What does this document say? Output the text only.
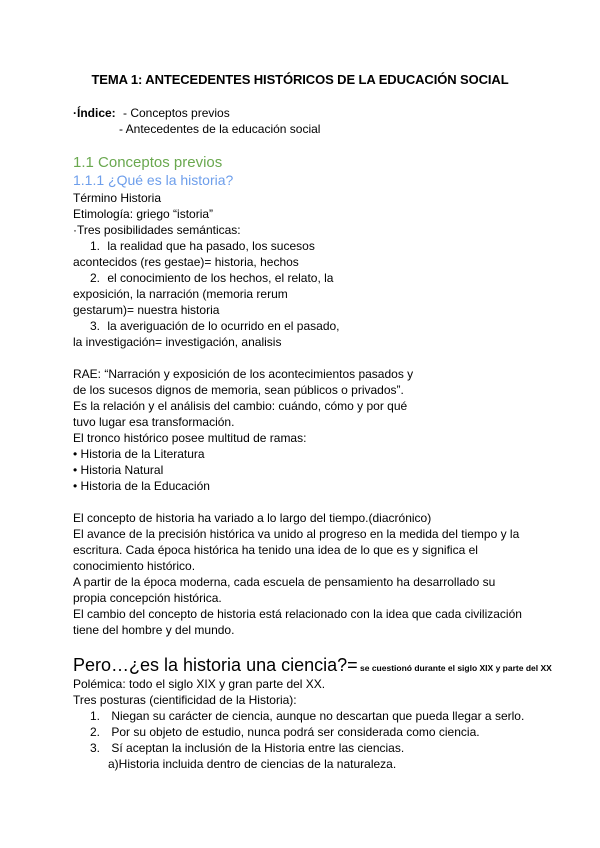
TEMA 1: ANTECEDENTES HISTÓRICOS DE LA EDUCACIÓN SOCIAL
·Índice: - Conceptos previos
- Antecedentes de la educación social
1.1 Conceptos previos
1.1.1 ¿Qué es la historia?
Término Historia
Etimología: griego “istoria”
·Tres posibilidades semánticas:
1. la realidad que ha pasado, los sucesos
acontecidos (res gestae)= historia, hechos
2. el conocimiento de los hechos, el relato, la
exposición, la narración (memoria rerum
gestarum)= nuestra historia
3. la averiguación de lo ocurrido en el pasado,
la investigación= investigación, analisis
RAE: “Narración y exposición de los acontecimientos pasados y
de los sucesos dignos de memoria, sean públicos o privados”.
Es la relación y el análisis del cambio: cuándo, cómo y por qué
tuvo lugar esa transformación.
El tronco histórico posee multitud de ramas:
• Historia de la Literatura
• Historia Natural
• Historia de la Educación
El concepto de historia ha variado a lo largo del tiempo.(diacrónico)
El avance de la precisión histórica va unido al progreso en la medida del tiempo y la
escritura. Cada época histórica ha tenido una idea de lo que es y significa el
conocimiento histórico.
A partir de la época moderna, cada escuela de pensamiento ha desarrollado su
propia concepción histórica.
El cambio del concepto de historia está relacionado con la idea que cada civilización
tiene del hombre y del mundo.
Pero…¿es la historia una ciencia?= se cuestionó durante el siglo XIX y parte del XX
Polémica: todo el siglo XIX y gran parte del XX.
Tres posturas (cientificidad de la Historia):
1. Niegan su carácter de ciencia, aunque no descartan que pueda llegar a serlo.
2. Por su objeto de estudio, nunca podrá ser considerada como ciencia.
3. Sí aceptan la inclusión de la Historia entre las ciencias.
a)Historia incluida dentro de ciencias de la naturaleza.
